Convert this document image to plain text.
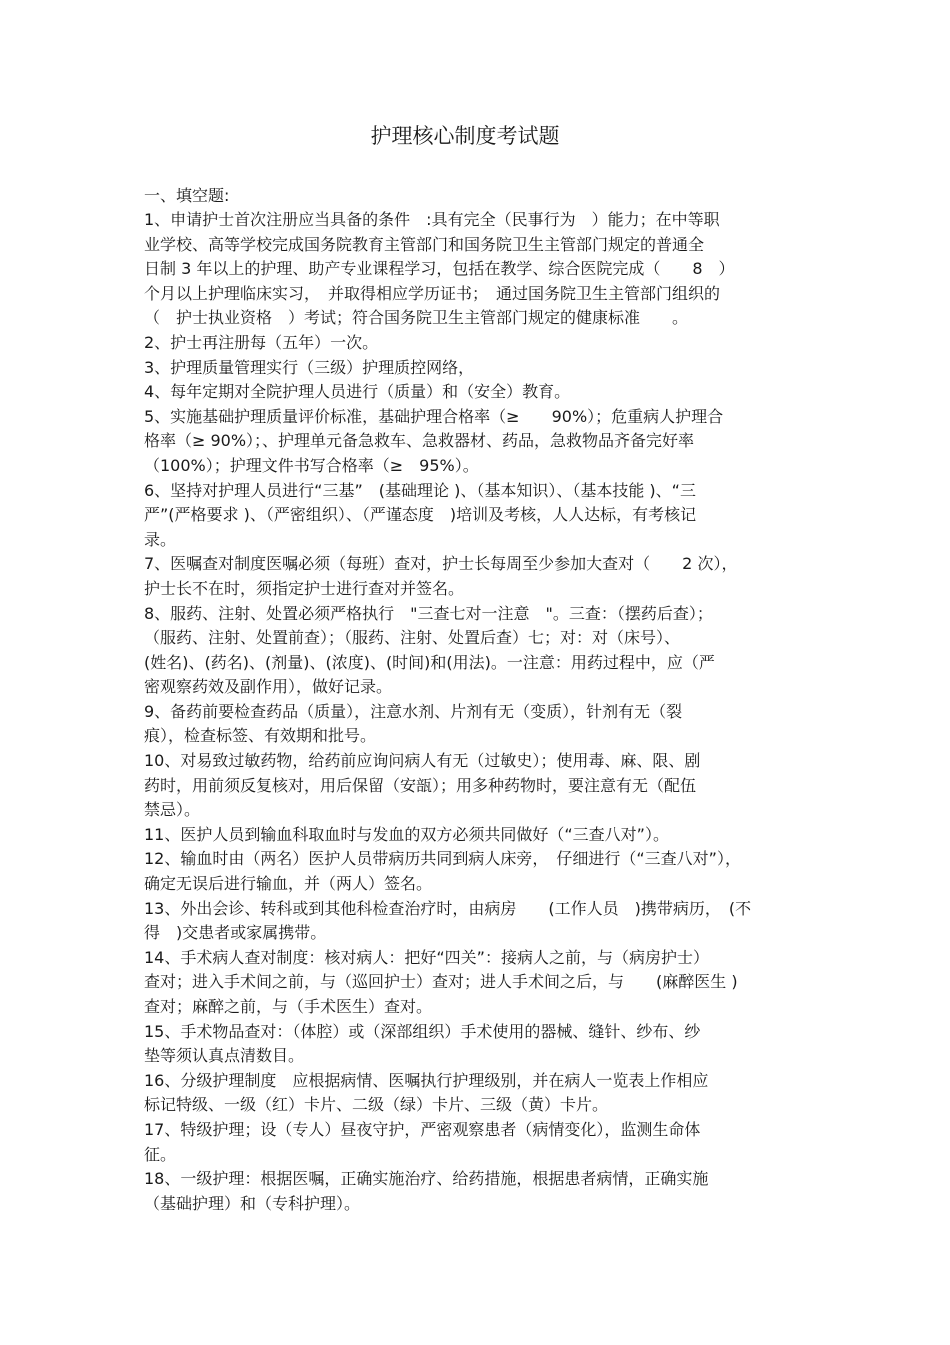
护理核心制度考试题

一、填空题:

1、申请护士首次注册应当具备的条件　:具有完全（民事行为　）能力；在中等职

业学校、高等学校完成国务院教育主管部门和国务院卫生主管部门规定的普通全

日制 3 年以上的护理、助产专业课程学习，包括在教学、综合医院完成（　　8　）

个月以上护理临床实习，　并取得相应学历证书；　通过国务院卫生主管部门组织的

（　护士执业资格　）考试；符合国务院卫生主管部门规定的健康标准　　。

2、护士再注册每（五年）一次。

3、护理质量管理实行（三级）护理质控网络，

4、每年定期对全院护理人员进行（质量）和（安全）教育。

5、实施基础护理质量评价标准，基础护理合格率（≥　　90%）；危重病人护理合

格率（≥ 90%）；、护理单元备急救车、急救器材、药品，急救物品齐备完好率

（100%）；护理文件书写合格率（≥　95%）。

6、坚持对护理人员进行“三基”　(基础理论 )、（基本知识）、（基本技能 )、“三

严”(严格要求 )、（严密组织）、（严谨态度　)培训及考核，人人达标，有考核记

录。

7、医嘱查对制度医嘱必须（每班）查对，护士长每周至少参加大查对（　　2 次），

护士长不在时，须指定护士进行查对并签名。

8、服药、注射、处置必须严格执行　"三查七对一注意　"。三查：（摆药后查）；

（服药、注射、处置前查）；（服药、注射、处置后查）七；对：对（床号）、

(姓名)、(药名)、(剂量)、(浓度)、(时间)和(用法)。一注意：用药过程中，应（严

密观察药效及副作用），做好记录。

9、备药前要检查药品（质量），注意水剂、片剂有无（变质），针剂有无（裂

痕），检查标签、有效期和批号。

10、对易致过敏药物，给药前应询问病人有无（过敏史）；使用毒、麻、限、剧

药时，用前须反复核对，用后保留（安瓿）；用多种药物时，要注意有无（配伍

禁忌）。

11、医护人员到输血科取血时与发血的双方必须共同做好（“三查八对”）。

12、输血时由（两名）医护人员带病历共同到病人床旁，　仔细进行（“三查八对”），

确定无误后进行输血，并（两人）签名。

13、外出会诊、转科或到其他科检查治疗时，由病房　　(工作人员　)携带病历，　(不

得　)交患者或家属携带。

14、手术病人查对制度：核对病人：把好“四关”：接病人之前，与（病房护士）

查对；进入手术间之前，与（巡回护士）查对；进人手术间之后，与　　(麻醉医生 )

查对；麻醉之前，与（手术医生）查对。

15、手术物品查对：（体腔）或（深部组织）手术使用的器械、缝针、纱布、纱

垫等须认真点清数目。

16、分级护理制度　应根据病情、医嘱执行护理级别，并在病人一览表上作相应

标记特级、一级（红）卡片、二级（绿）卡片、三级（黄）卡片。

17、特级护理；设（专人）昼夜守护，严密观察患者（病情变化），监测生命体

征。

18、一级护理：根据医嘱，正确实施治疗、给药措施，根据患者病情，正确实施

（基础护理）和（专科护理）。
